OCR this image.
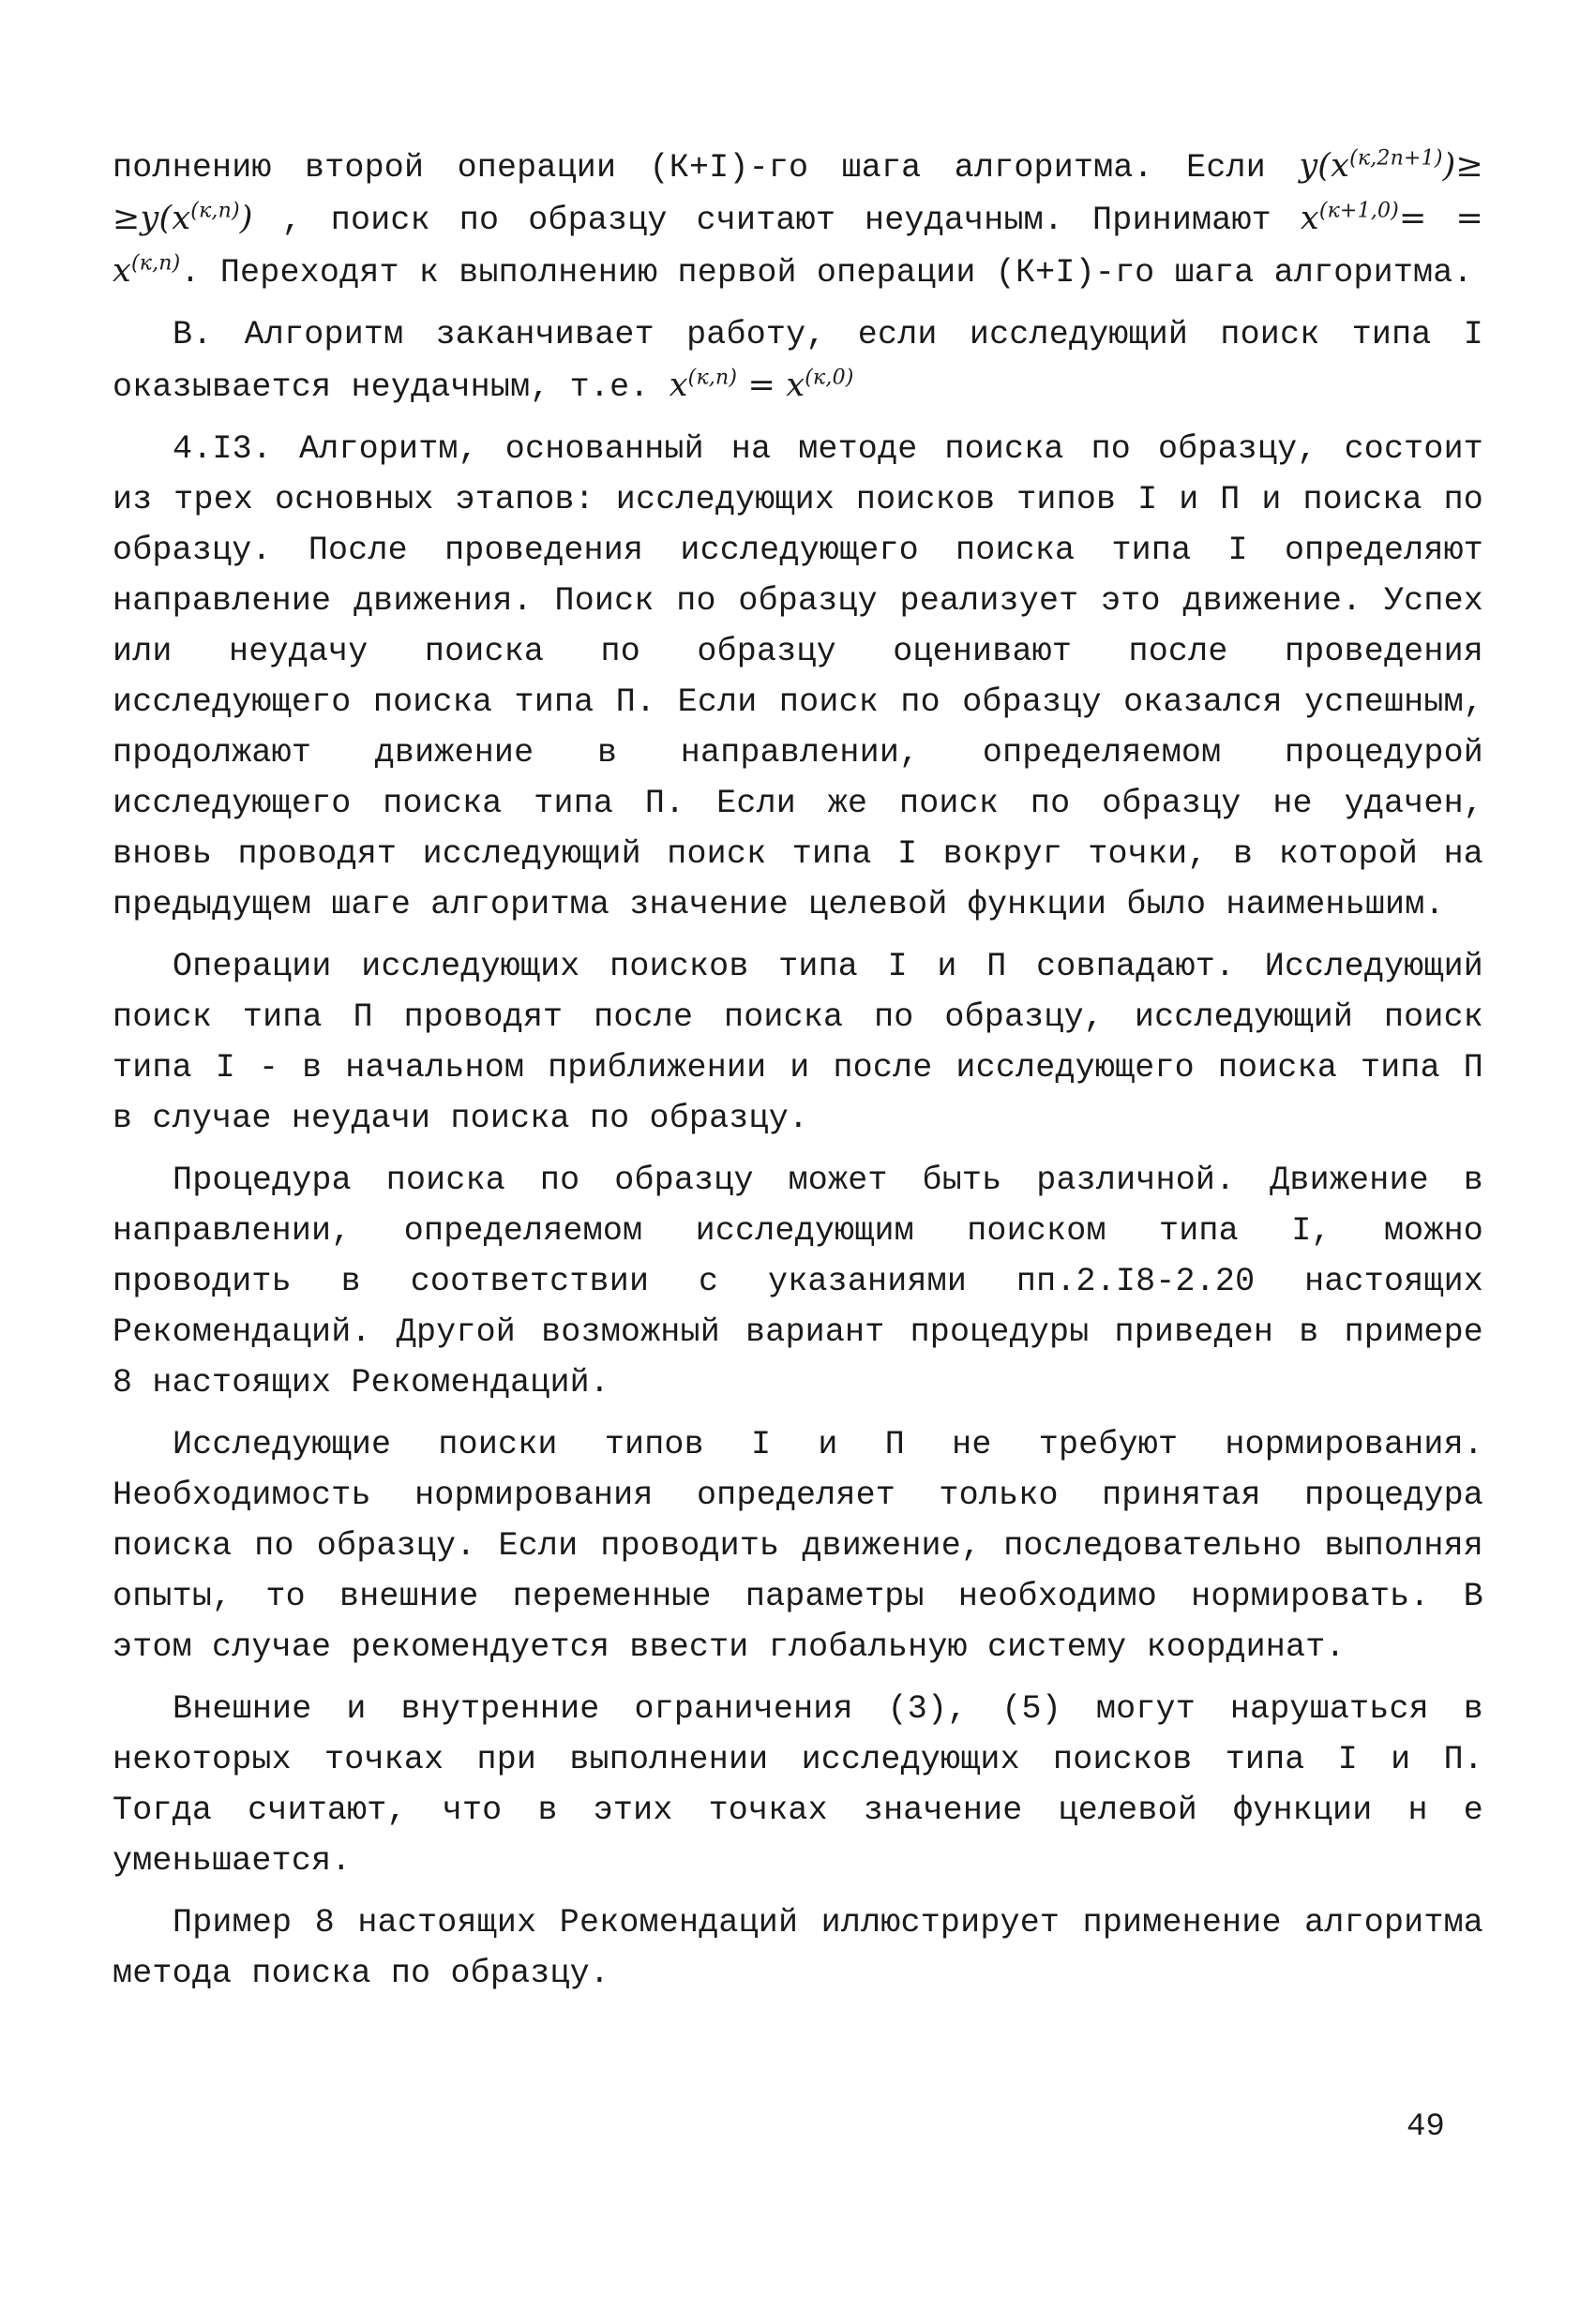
полнению второй операции (К+I)-го шага алгоритма. Если $y(x^{(к,2n+1)})\ge \ge y(x^{(к,n)})$ , поиск по образцу считают неудачным. Принимают $x^{(к+1,0)}= = x^{(к,n)}$. Переходят к выполнению первой операции (К+I)-го шага алгоритма.

В. Алгоритм заканчивает работу, если исследующий поиск типа I оказывается неудачным, т.е. $x^{(к,n)} = x^{(к,0)}$

4.I3. Алгоритм, основанный на методе поиска по образцу, состоит из трех основных этапов: исследующих поисков типов I и П и поиска по образцу. После проведения исследующего поиска типа I определяют направление движения. Поиск по образцу реализует это движение. Успех или неудачу поиска по образцу оценивают после проведения исследующего поиска типа П. Если поиск по образцу оказался успешным, продолжают движение в направлении, определяемом процедурой исследующего поиска типа П. Если же поиск по образцу не удачен, вновь проводят исследующий поиск типа I вокруг точки, в которой на предыдущем шаге алгоритма значение целевой функции было наименьшим.

Операции исследующих поисков типа I и П совпадают. Исследующий поиск типа П проводят после поиска по образцу, исследующий поиск типа I - в начальном приближении и после исследующего поиска типа П в случае неудачи поиска по образцу.

Процедура поиска по образцу может быть различной. Движение в направлении, определяемом исследующим поиском типа I, можно проводить в соответствии с указаниями пп.2.I8-2.20 настоящих Рекомендаций. Другой возможный вариант процедуры приведен в примере 8 настоящих Рекомендаций.

Исследующие поиски типов I и П не требуют нормирования. Необходимость нормирования определяет только принятая процедура поиска по образцу. Если проводить движение, последовательно выполняя опыты, то внешние переменные параметры необходимо нормировать. В этом случае рекомендуется ввести глобальную систему координат.

Внешние и внутренние ограничения (3), (5) могут нарушаться в некоторых точках при выполнении исследующих поисков типа I и П. Тогда считают, что в этих точках значение целевой функции н е уменьшается.

Пример 8 настоящих Рекомендаций иллюстрирует применение алгоритма метода поиска по образцу.

49
